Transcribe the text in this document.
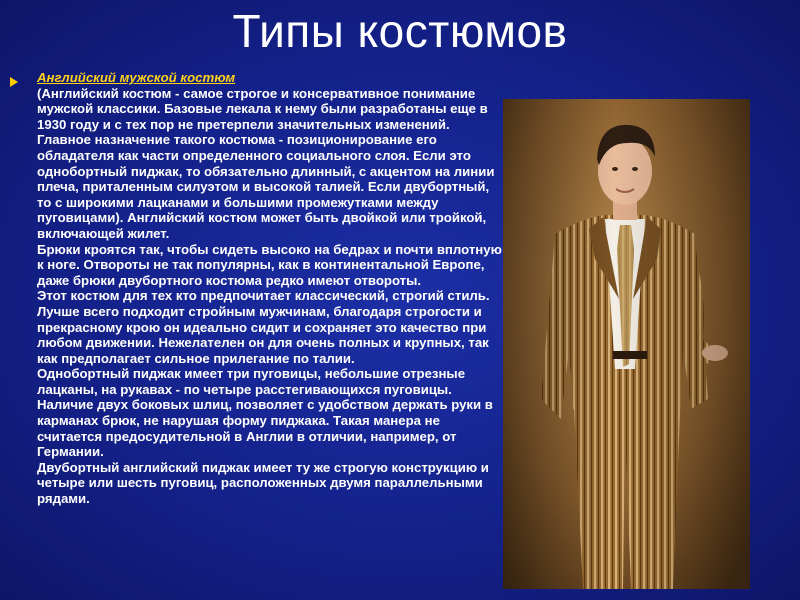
Типы костюмов
Английский мужской костюм
(Английский костюм - самое строгое и консервативное понимание мужской классики. Базовые лекала к нему были разработаны еще в 1930 году и с тех пор не претерпели значительных изменений. Главное назначение такого костюма - позиционирование его обладателя как части определенного социального слоя. Если это однобортный пиджак, то обязательно длинный, с акцентом на линии плеча, приталенным силуэтом и высокой талией. Если двубортный, то с широкими лацканами и большими промежутками между пуговицами). Английский костюм может быть двойкой или тройкой, включающей жилет.
Брюки кроятся так, чтобы сидеть высоко на бедрах и почти вплотную к ноге. Отвороты не так популярны, как в континентальной Европе, даже брюки двубортного костюма редко имеют отвороты.
Этот костюм для тех кто предпочитает классический, строгий стиль. Лучше всего подходит стройным мужчинам, благодаря строгости и прекрасному крою он идеально сидит и сохраняет это качество при любом движении. Нежелателен он для очень полных и крупных, так как предполагает сильное прилегание по талии.
Однобортный пиджак имеет три пуговицы, небольшие отрезные лацканы, на рукавах - по четыре расстегивающихся пуговицы. Наличие двух боковых шлиц, позволяет с удобством держать руки в карманах брюк, не нарушая форму пиджака. Такая манера не считается предосудительной в Англии в отличии, например, от Германии.
Двубортный английский пиджак имеет ту же строгую конструкцию и четыре или шесть пуговиц, расположенных двумя параллельными рядами.
